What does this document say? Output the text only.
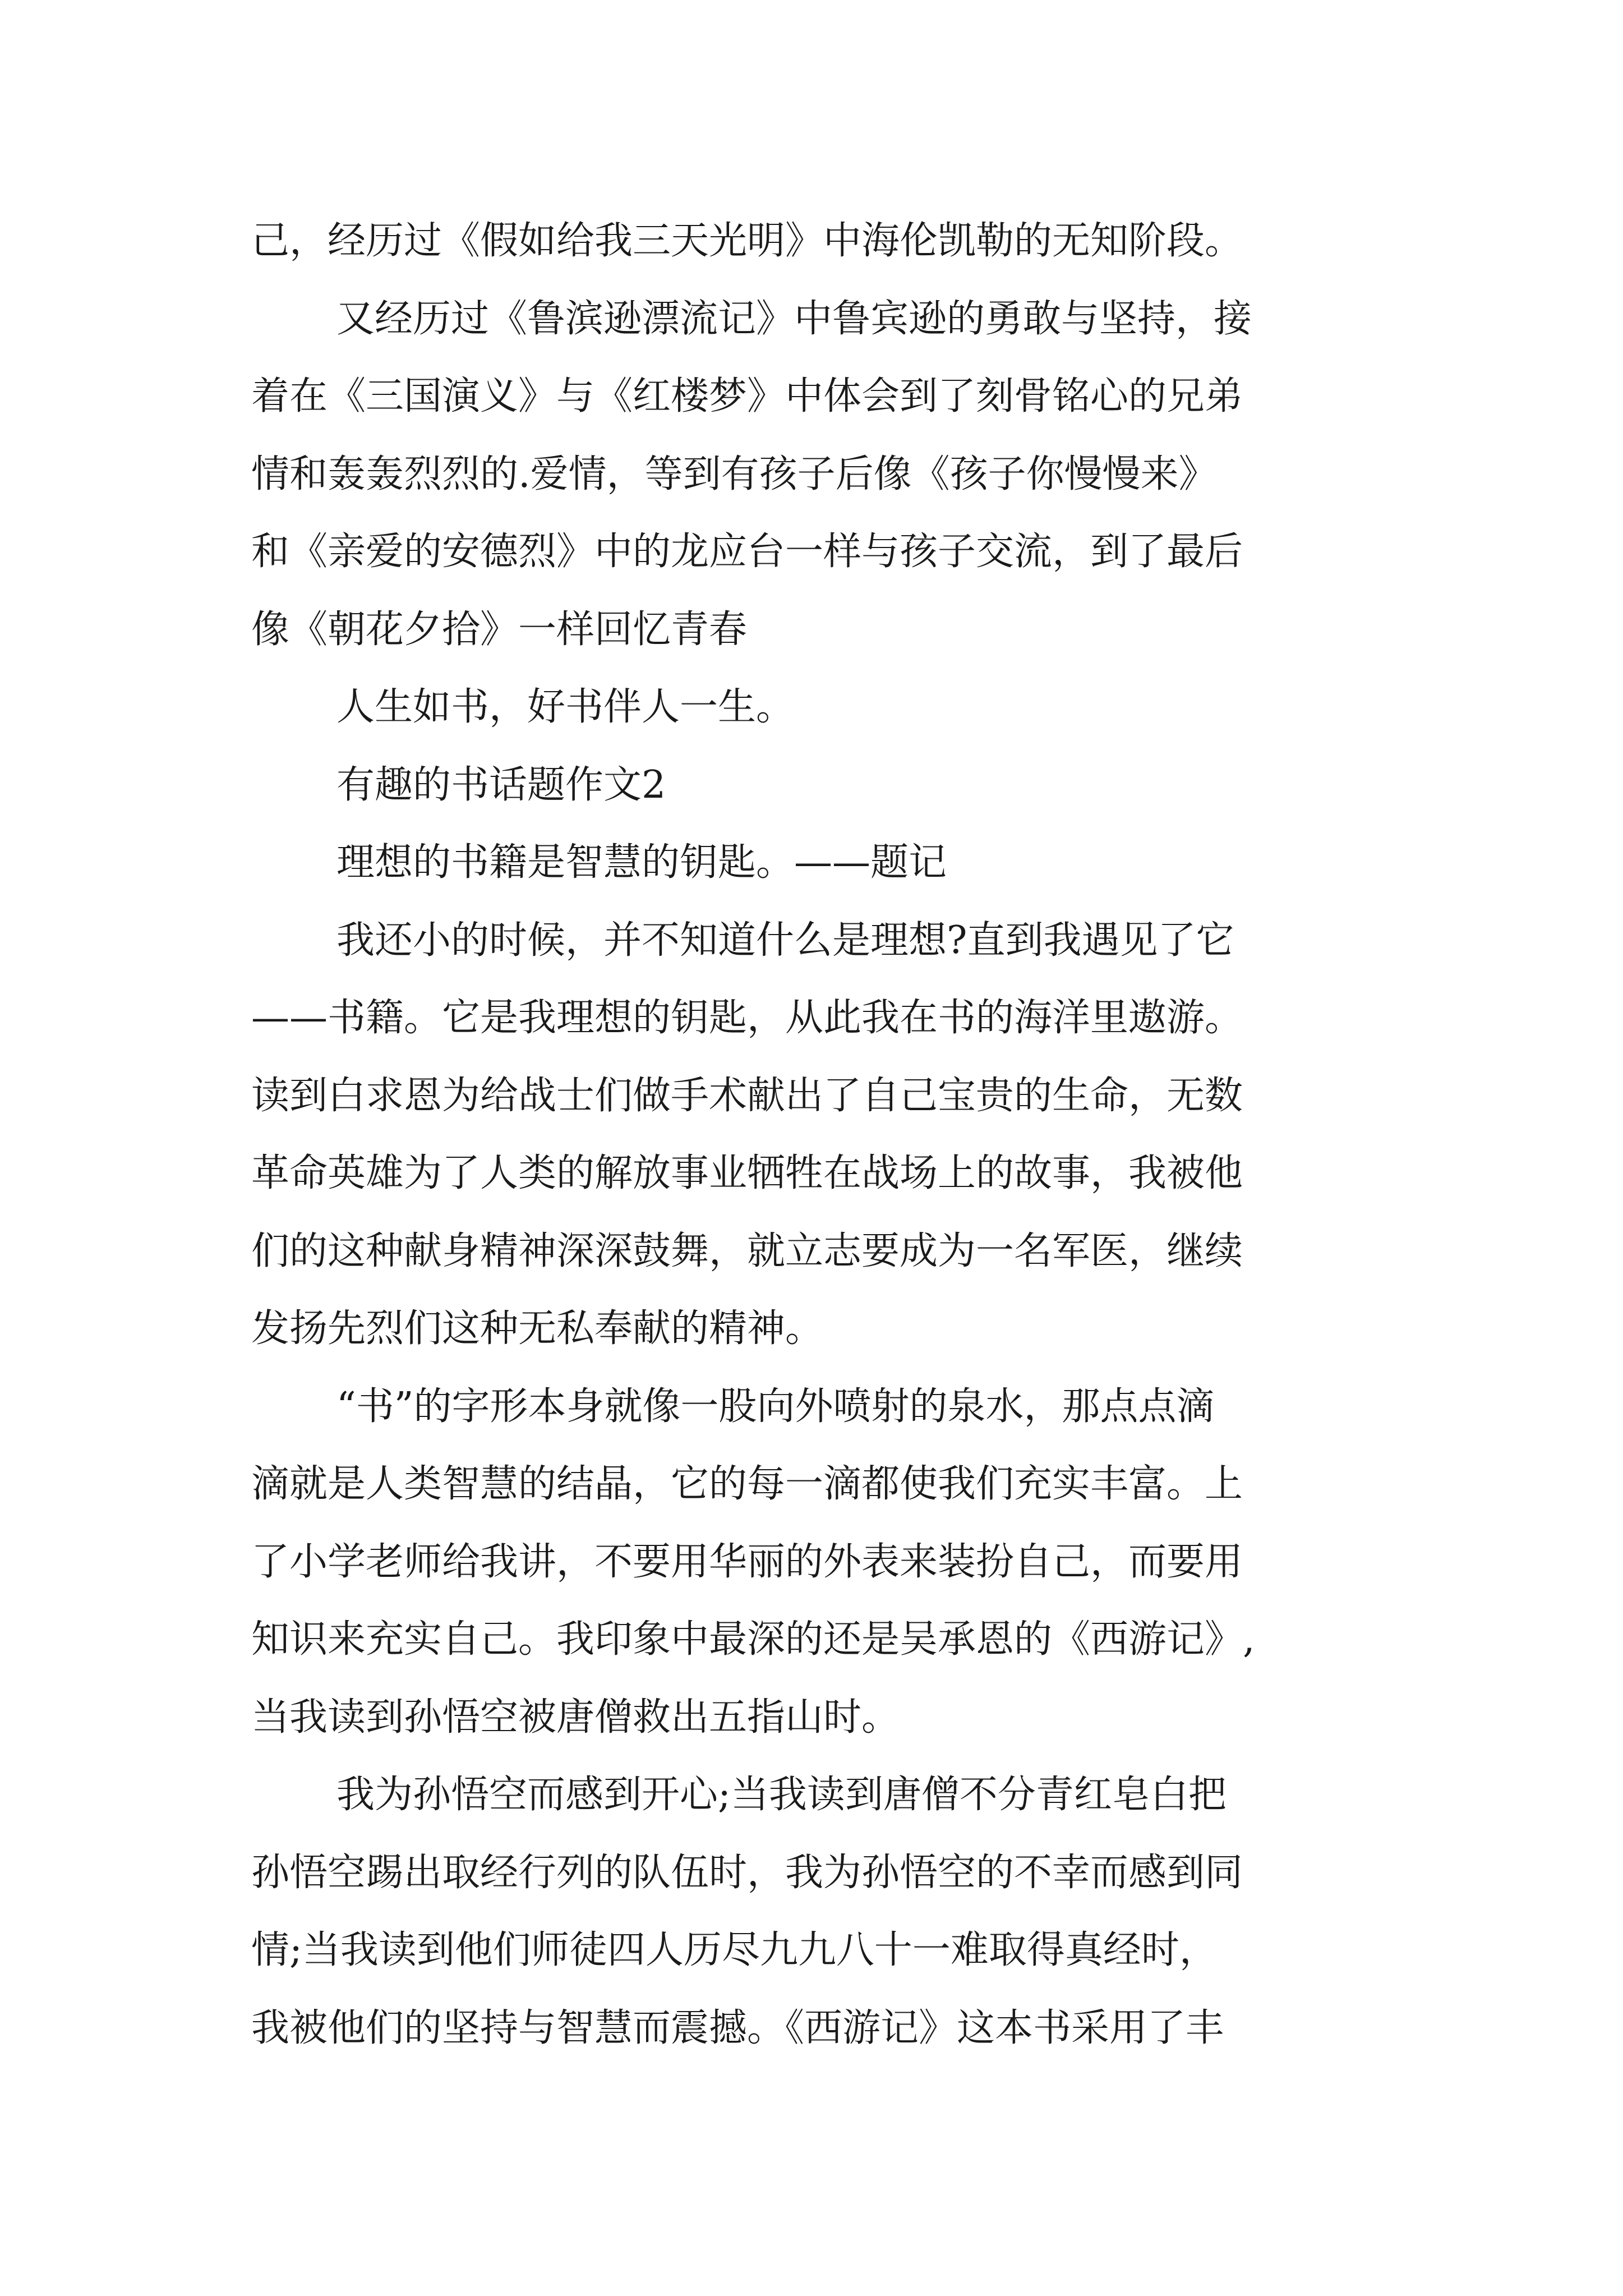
己，经历过《假如给我三天光明》中海伦凯勒的无知阶段。
又经历过《鲁滨逊漂流记》中鲁宾逊的勇敢与坚持，接
着在《三国演义》与《红楼梦》中体会到了刻骨铭心的兄弟
情和轰轰烈烈的.爱情，等到有孩子后像《孩子你慢慢来》
和《亲爱的安德烈》中的龙应台一样与孩子交流，到了最后
像《朝花夕拾》一样回忆青春
人生如书，好书伴人一生。
有趣的书话题作文2
理想的书籍是智慧的钥匙。——题记
我还小的时候，并不知道什么是理想?直到我遇见了它
——书籍。它是我理想的钥匙，从此我在书的海洋里遨游。
读到白求恩为给战士们做手术献出了自己宝贵的生命，无数
革命英雄为了人类的解放事业牺牲在战场上的故事，我被他
们的这种献身精神深深鼓舞，就立志要成为一名军医，继续
发扬先烈们这种无私奉献的精神。
“书”的字形本身就像一股向外喷射的泉水，那点点滴
滴就是人类智慧的结晶，它的每一滴都使我们充实丰富。上
了小学老师给我讲，不要用华丽的外表来装扮自己，而要用
知识来充实自己。我印象中最深的还是吴承恩的《西游记》,
当我读到孙悟空被唐僧救出五指山时。
我为孙悟空而感到开心;当我读到唐僧不分青红皂白把
孙悟空踢出取经行列的队伍时，我为孙悟空的不幸而感到同
情;当我读到他们师徒四人历尽九九八十一难取得真经时，
我被他们的坚持与智慧而震撼。《西游记》这本书采用了丰
